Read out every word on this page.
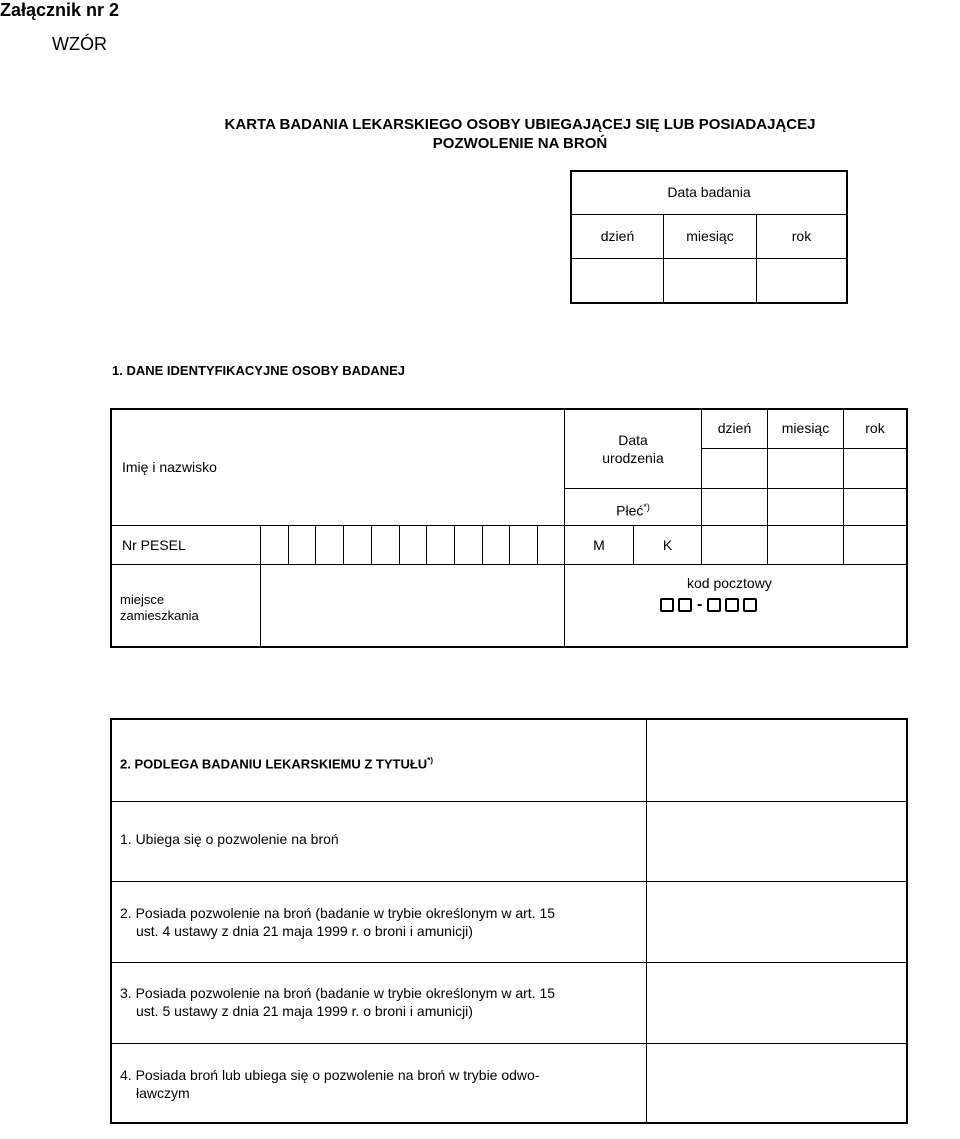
Załącznik nr 2
WZÓR
KARTA BADANIA LEKARSKIEGO OSOBY UBIEGAJĄCEJ SIĘ LUB POSIADAJĄCEJ
POZWOLENIE NA BROŃ
Data badania
dzień	miesiąc	rok
1. DANE IDENTYFIKACYJNE OSOBY BADANEJ
Imię i nazwisko
Data
urodzenia
dzień	miesiąc	rok
Płeć*)
Nr PESEL	M	K
miejsce
zamieszkania
kod pocztowy
-
2. PODLEGA BADANIU LEKARSKIEMU Z TYTUŁU*)
1. Ubiega się o pozwolenie na broń
2. Posiada pozwolenie na broń (badanie w trybie określonym w art. 15
ust. 4 ustawy z dnia 21 maja 1999 r. o broni i amunicji)
3. Posiada pozwolenie na broń (badanie w trybie określonym w art. 15
ust. 5 ustawy z dnia 21 maja 1999 r. o broni i amunicji)
4. Posiada broń lub ubiega się o pozwolenie na broń w trybie odwo-
ławczym
